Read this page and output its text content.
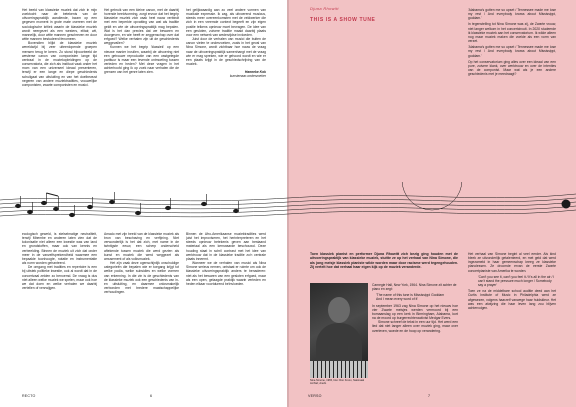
Het beeld van klassieke muziek dat zich in mijn zoektocht naar de betekenis van de uitvoeringspraktijk aandiende, kwam op een gegeven moment in grote mate overeen met de sociologische kritiek waarin de klassieke muziek wordt neergezet als een westers, elitair, wit, mannelijk, door witte mannen geschreven en door witte mannen bestudeerd fenomeen.

Bovendien blijkt de klassieke muziek wereldwijd bij zeer uiteenlopende groepen mensen terug te keren. Zo stond bijvoorbeeld de westerse canon van componisten lange tijd centraal in de muziekopleidingen op de conservatoria, die zich als instituut vaak onder het mom van een universeel ideaal presenteren, terwijl er een lange en diepe geschiedenis schuilgaat van uitsluiting en van het doelbewust negeren van andere muziektradities, vrouwelijke componisten, zwarte componisten en musici.

Het gebruik van een kleine canon, met de daarbij horende beeldvorming, zorgt ervoor dat het begrip klassieke muziek zich vaak heel nauw verbindt met een beperkte opvatting van wat als traditie geldt en wie de uitvoeringspraktijk mag bepalen. Wat is het dan precies dat we bewaren en doorgeven, en wie heeft er zeggenschap over dat erfgoed? Welke verhalen zijn uit de geschiedenis weggevallen?

Kunnen we het begrip 'klassiek' op een nieuwe manier invullen, waarbij de uitvoering niet een getrouwe reproductie van een vastgelegde partituur is maar een levende ontmoeting tussen verleden en heden? Met deze vragen in het achterhoofd ging ik op zoek naar verhalen die de grenzen van het genre laten zien.

het gelijkwaardig aan zo veel andere vormen van muzikale expressie. Ik zag, als uitvoerend musicus, steeds meer overeenkomsten met de veldwerker die zich in een vreemde context begeeft en zijn eigen positie telkens opnieuw moet bevragen. De idee van een gesloten, zuivere traditie maakt daarbij plaats voor een netwerk van wederzijdse invloeden.

Juist door de verhalen van musici die buiten de canon vielen te onderzoeken, zoals in het geval van Nina Simone, wordt zichtbaar hoe nauw de vraag naar de uitvoeringspraktijk samenhangt met de vraag wie er mag spreken, wie er gehoord wordt en wie er een plaats krijgt in de geschiedschrijving van de muziek.

Hanneke Kok
kunstenaar-onderzoeker

ecologisch geweld, is stelselmatige neutraliteit, terwijl Mbembe en anderen laten zien dat de kolonisatie niet alleen een kwestie was van land en grondstoffen, maar ook van kennis en verbeelding. Binnen de muziek uit zich dat onder meer in de vanzelfsprekendheid waarmee een bepaalde toonhoogte, notatie en instrumentatie als norm worden gehanteerd.

De omgang met tradities en repertoire is een bij uitstek politieke kwestie, ook al wordt dat in de concertzaal zelden zo benoemd. De vraag is dus niet alleen welke muziek we spelen, maar ook hoe we dat doen en welke verhalen we daarbij vertellen of verzwijgen.

Amado met zijn beeld van de klassieke muziek als bron van beschaving en verfijning. Niet verwonderlijk is het dat zich, met name in de twintigste eeuw, een scherp onderscheid aftekende tussen muziek die werd gezien als kunst en muziek die werd weggezet als amusement of als volksmuziek.

Het zijn vaak deze ogenschijnlijk onschuldige categorieën die bepalen wie er toegang krijgt tot welke podia, welke subsidies en welke vormen van erkenning. In die zin is de geschiedenis van de klassieke muziek ook een geschiedenis van in- en uitsluiting, en daarmee onlosmakelijk verbonden met bredere maatschappelijke verhoudingen.

Binnen de Afro-Amerikaanse muziektradities werd juist het improviseren, het herinterpreteren en het steeds opnieuw betekenis geven aan bestaand materiaal als een kernwaarde beschouwd. Deze houding staat in schril contrast met het idee van werktrouw dat in de klassieke traditie zo'n centrale plaats inneemt.

Wanneer we de verhalen van musici als Nina Simone serieus nemen, ontstaat er ruimte om ook de klassieke uitvoeringspraktijk anders te benaderen: niet als het bewaren van een gesloten erfgoed, maar als een open, gelaagde praktijk waarin verleden en heden elkaar voortdurend beïnvloeden.

RECTO	6
Djuna Rhowitt
THIS IS A SHOW TUNE

'Alabama's gotten me so upset / Tennessee made me lose my rest / And everybody knows about Mississippi, goddam.'

In tegenstelling tot Nina Simone was zij, de Zwarte vrouw, niet langer welkom in het concertcircuit. In 2020 studeerde ik klassieke muziek aan het conservatorium. Ik wilde alleen nog maar muziek maken die voelde als een vorm van verzet.

'Alabama's gotten me so upset / Tennessee made me lose my rest / And everybody knows about Mississippi, goddam.'

Op het conservatorium ging alles over een ideaal van een pure, zuivere klank, over werktrouw en over de intenties van de componist. Maar wat als je een andere geschiedenis met je meedraagt?

Toen klassiek pianist en performer Djuna Rhowitt zich bezig ging houden met de uitvoeringspraktijk van klassieke muziek, stuitte ze op het verhaal van Nina Simone, die als jong meisje klassiek pianiste wilde worden maar door racisme werd tegengehouden. Zij vertelt hoe dat verhaal haar eigen kijk op de muziek veranderde.

Nina Simone, 1965, foto: Ron Kroon, Nationaal Archief, Anefo
Carnegie Hall, New York, 1964. Nina Simone zit achter de piano en zegt:
'The name of this tune is Mississippi Goddam
And I mean every word of it'

In september 1963 zag Nina Simone op het nieuws hoe vier Zwarte meisjes werden vermoord bij een bomaanslag op een kerk in Birmingham, Alabama, kort na de moord op burgerrechtenactivist Medgar Evers.

Simone schreef de tekst in een uur tijd. Het werd een lied dat niet langer alleen over muziek ging, maar over overleven, woede en de hoop op verandering.

Het verhaal van Simone begint al veel eerder. Als kind bleek ze uitzonderlijk getalenteerd, en met geld dat werd ingezameld in haar gemeenschap kreeg ze klassieke pianolessen. Ze droomde ervan de eerste Zwarte concertpianiste van Amerika te worden.

'Can't you see it, can't you feel it / It's all in the air / I can't stand the pressure much longer / Somebody say a prayer'

Toen ze na de middelbare school auditie deed aan het Curtis Institute of Music in Philadelphia werd ze afgewezen, volgens haarzelf vanwege haar huidskleur. Het was een afwijzing die haar leven lang zou blijven achtervolgen.

VERSO	7
